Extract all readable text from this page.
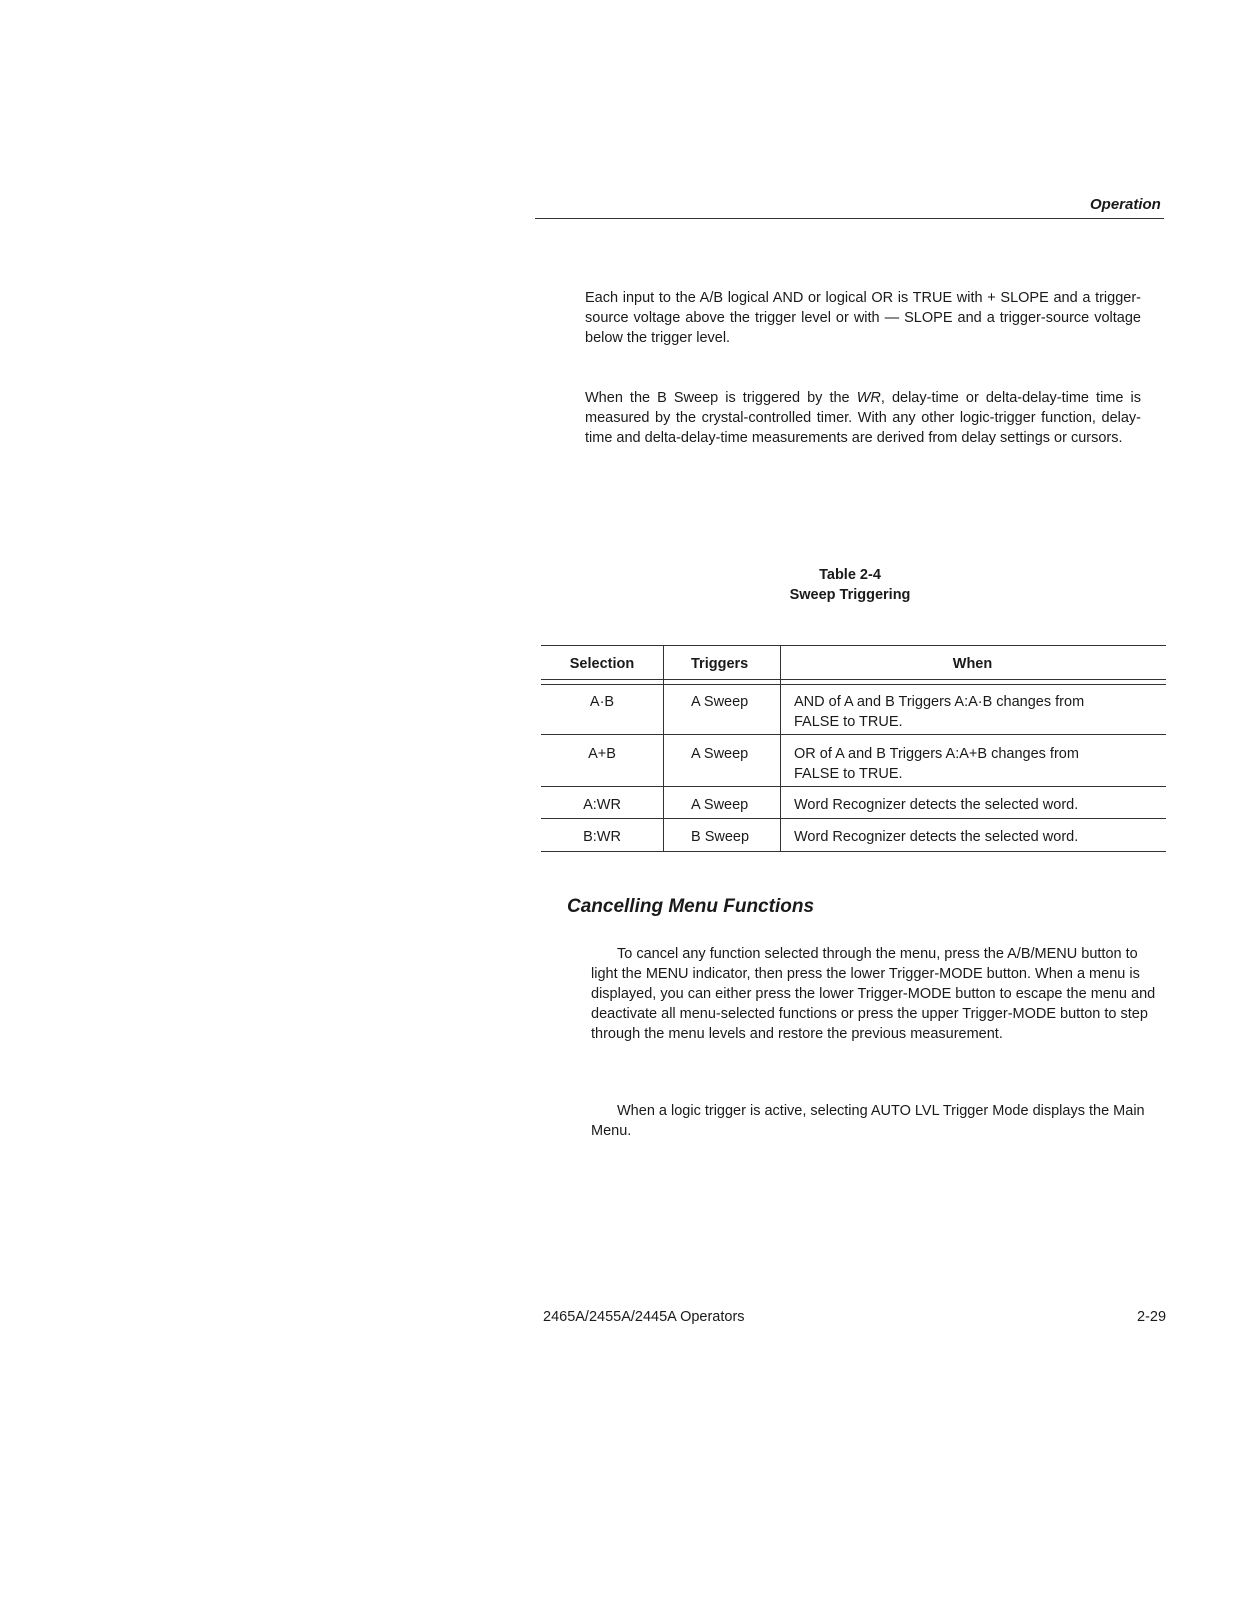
Operation

Each input to the A/B logical AND or logical OR is TRUE with + SLOPE and a trigger-source voltage above the trigger level or with — SLOPE and a trigger-source voltage below the trigger level.

When the B Sweep is triggered by the WR, delay-time or delta-delay-time time is measured by the crystal-controlled timer. With any other logic-trigger function, delay-time and delta-delay-time measurements are derived from delay settings or cursors.

Table 2-4
Sweep Triggering
Selection	Triggers	When
A·B	A Sweep	AND of A and B Triggers A:A·B changes from
FALSE to TRUE.
A+B	A Sweep	OR of A and B Triggers A:A+B changes from
FALSE to TRUE.
A:WR	A Sweep	Word Recognizer detects the selected word.
B:WR	B Sweep	Word Recognizer detects the selected word.
Cancelling Menu Functions

To cancel any function selected through the menu, press the A/B/MENU button to light the MENU indicator, then press the lower Trigger-MODE button. When a menu is displayed, you can either press the lower Trigger-MODE button to escape the menu and deactivate all menu-selected functions or press the upper Trigger-MODE button to step through the menu levels and restore the previous measurement.

When a logic trigger is active, selecting AUTO LVL Trigger Mode displays the Main Menu.

2465A/2455A/2445A Operators	2-29
